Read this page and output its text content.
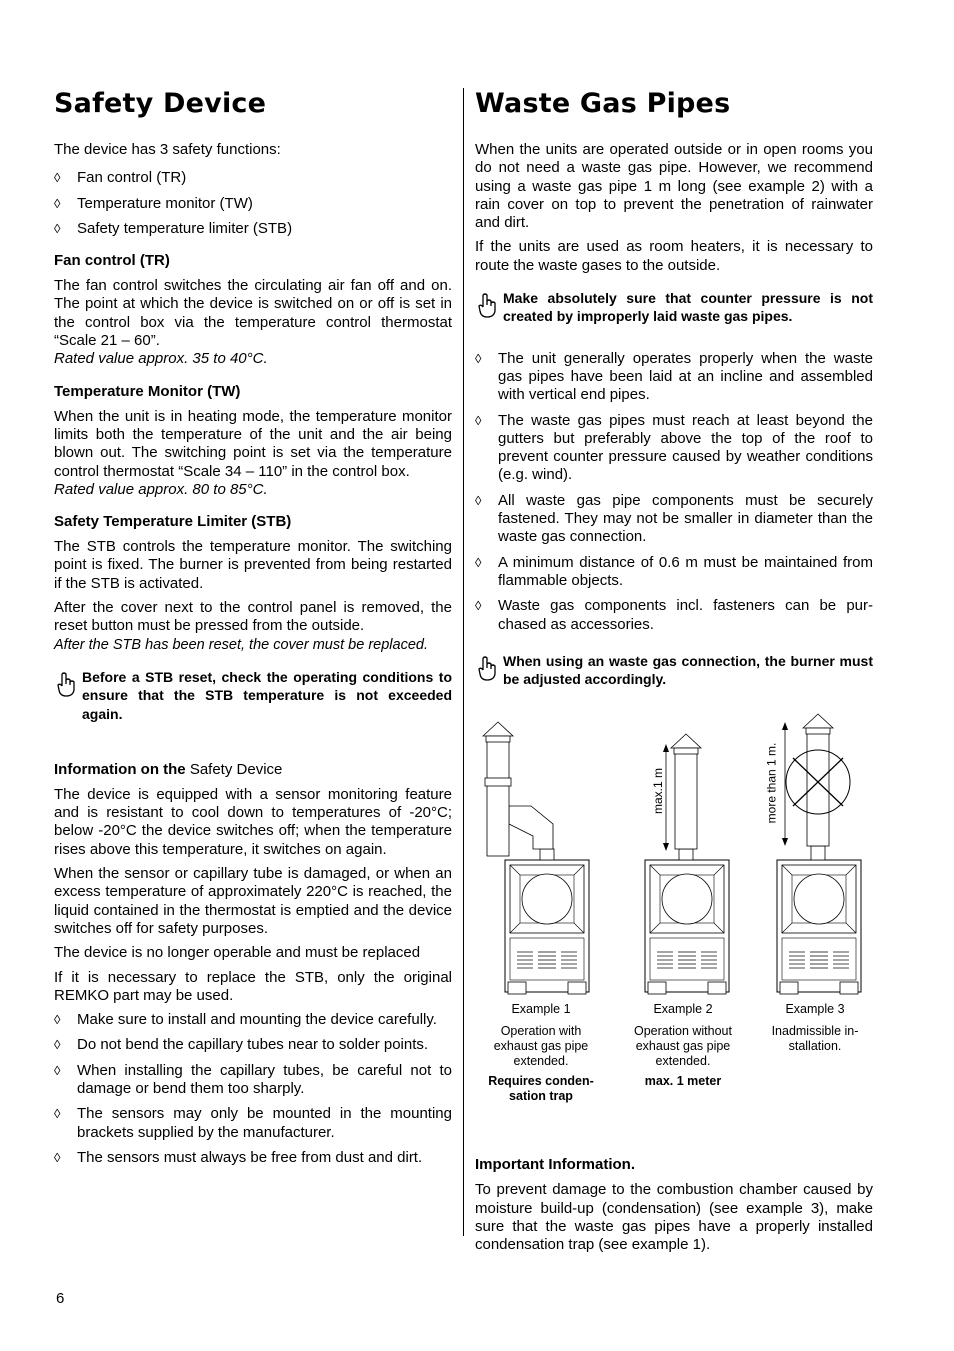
Safety Device

The device has 3 safety functions:

◊ Fan control (TR)
◊ Temperature monitor (TW)
◊ Safety temperature limiter (STB)
Fan control (TR)

The fan control switches the circulating air fan off and on. The point at which the device is switched on or off is set in the control box via the temperature control thermostat “Scale 21 – 60”.
Rated value approx. 35 to 40°C.

Temperature Monitor (TW)

When the unit is in heating mode, the temperature monitor limits both the temperature of the unit and the air being blown out. The switching point is set via the temperature control thermostat “Scale 34 – 110” in the control box.
Rated value approx. 80 to 85°C.

Safety Temperature Limiter (STB)

The STB controls the temperature monitor. The switching point is fixed. The burner is prevented from being restarted if the STB is activated.

After the cover next to the control panel is removed, the reset button must be pressed from the outside.
After the STB has been reset, the cover must be replaced.

Before a STB reset, check the operating conditions to ensure that the STB temperature is not exceeded again.
Information on the Safety Device

The device is equipped with a sensor monitoring feature and is resistant to cool down to temperatures of -20°C; below -20°C the device switches off; when the temperature rises above this temperature, it switches on again.

When the sensor or capillary tube is damaged, or when an excess temperature of approximately 220°C is reached, the liquid contained in the thermostat is emptied and the device switches off for safety purposes.

The device is no longer operable and must be replaced

If it is necessary to replace the STB, only the original REMKO part may be used.

◊ Make sure to install and mounting the device carefully.
◊ Do not bend the capillary tubes near to solder points.
◊ When installing the capillary tubes, be careful not to damage or bend them too sharply.
◊ The sensors may only be mounted in the mounting brackets supplied by the manufacturer.
◊ The sensors must always be free from dust and dirt.
Waste Gas Pipes

When the units are operated outside or in open rooms you do not need a waste gas pipe. However, we recommend using a waste gas pipe 1 m long (see example 2) with a rain cover on top to prevent the penetration of rainwater and dirt.

If the units are used as room heaters, it is necessary to route the waste gases to the outside.

Make absolutely sure that counter pressure is not created by improperly laid waste gas pipes.
◊ The unit generally operates properly when the waste gas pipes have been laid at an incline and assembled with vertical end pipes.
◊ The waste gas pipes must reach at least beyond the gutters but preferably above the top of the roof to prevent counter pressure caused by weather conditions (e.g. wind).
◊ All waste gas pipe components must be securely fastened. They may not be smaller in diameter than the waste gas connection.
◊ A minimum distance of 0.6 m must be maintained from flammable objects.
◊ Waste gas components incl. fasteners can be purchased as accessories.
When using an waste gas connection, the burner must be adjusted accordingly.
max.1 m	more than 1 m.
Example 1
Operation with exhaust gas pipe extended.
Requires condensation trap
Example 2
Operation without exhaust gas pipe extended.
max. 1 meter
Example 3
Inadmissible installation.
Important Information.

To prevent damage to the combustion chamber caused by moisture build-up (condensation) (see example 3), make sure that the waste gas pipes have a properly installed condensation trap (see example 1).

6
